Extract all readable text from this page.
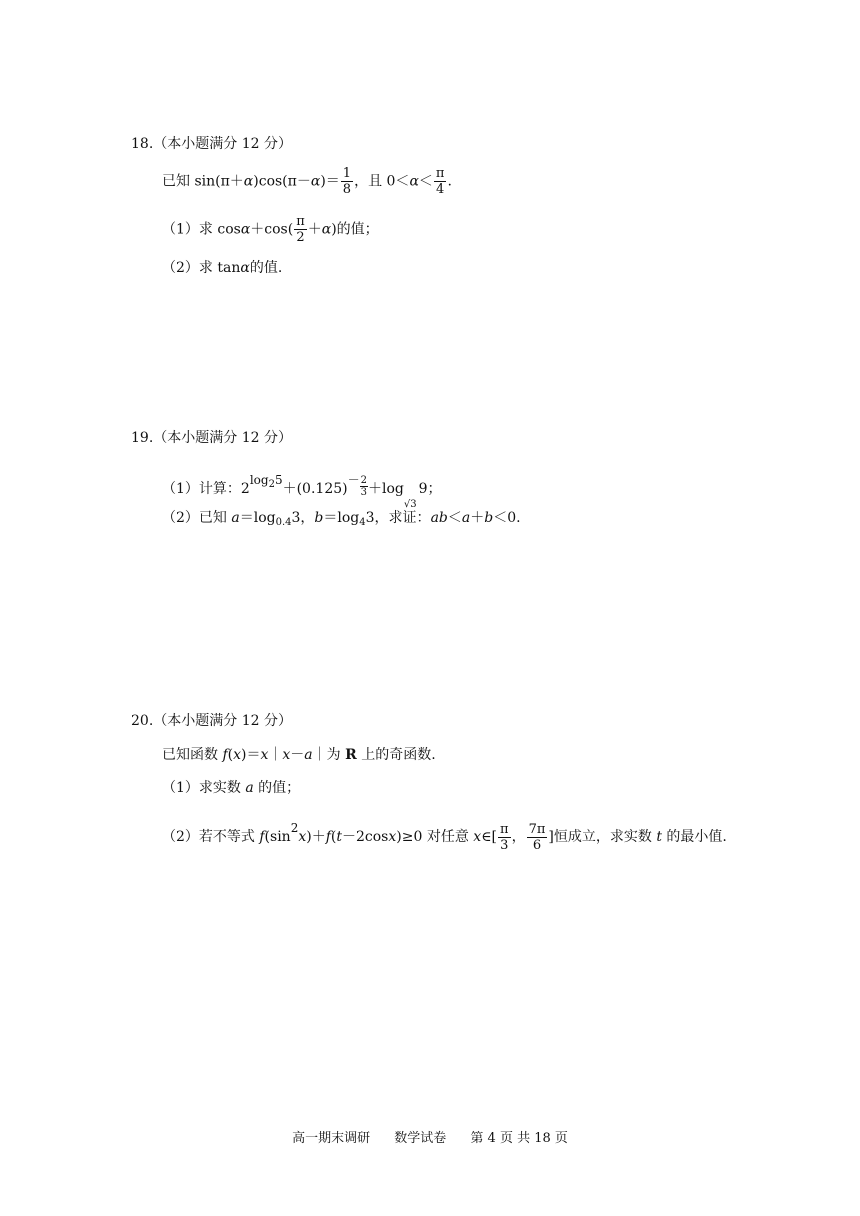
18.（本小题满分 12 分）
已知 $\sin(\pi+\alpha)\cos(\pi-\alpha)= \frac{1}{8}$ ，且 $0<\alpha< \frac{\pi}{4}$ .
（1）求 $\cos\alpha+\cos( \frac{\pi}{2} +\alpha)$的值；
（2）求 tanα的值.
19.（本小题满分 12 分）
（1）计算：$2\log_25+(0.125)- \frac{2}{3} +\log_{√3}9$；
（2）已知 $a=\log_{0.4}3$，$b=\log_43$，求证：ab＜a＋b＜0.
20.（本小题满分 12 分）
已知函数 f(x)＝x｜x－a｜为 R 上的奇函数.
（1）求实数 a 的值；
（2）若不等式 f(sin2x)＋f(t－2cosx)≥0 对任意 x∈[ $\frac{\pi}{3}$ ， $\frac{7\pi}{6}$ ]恒成立，求实数 t 的最小值.
高一期末调研 数学试卷 第 4 页 共 18 页
